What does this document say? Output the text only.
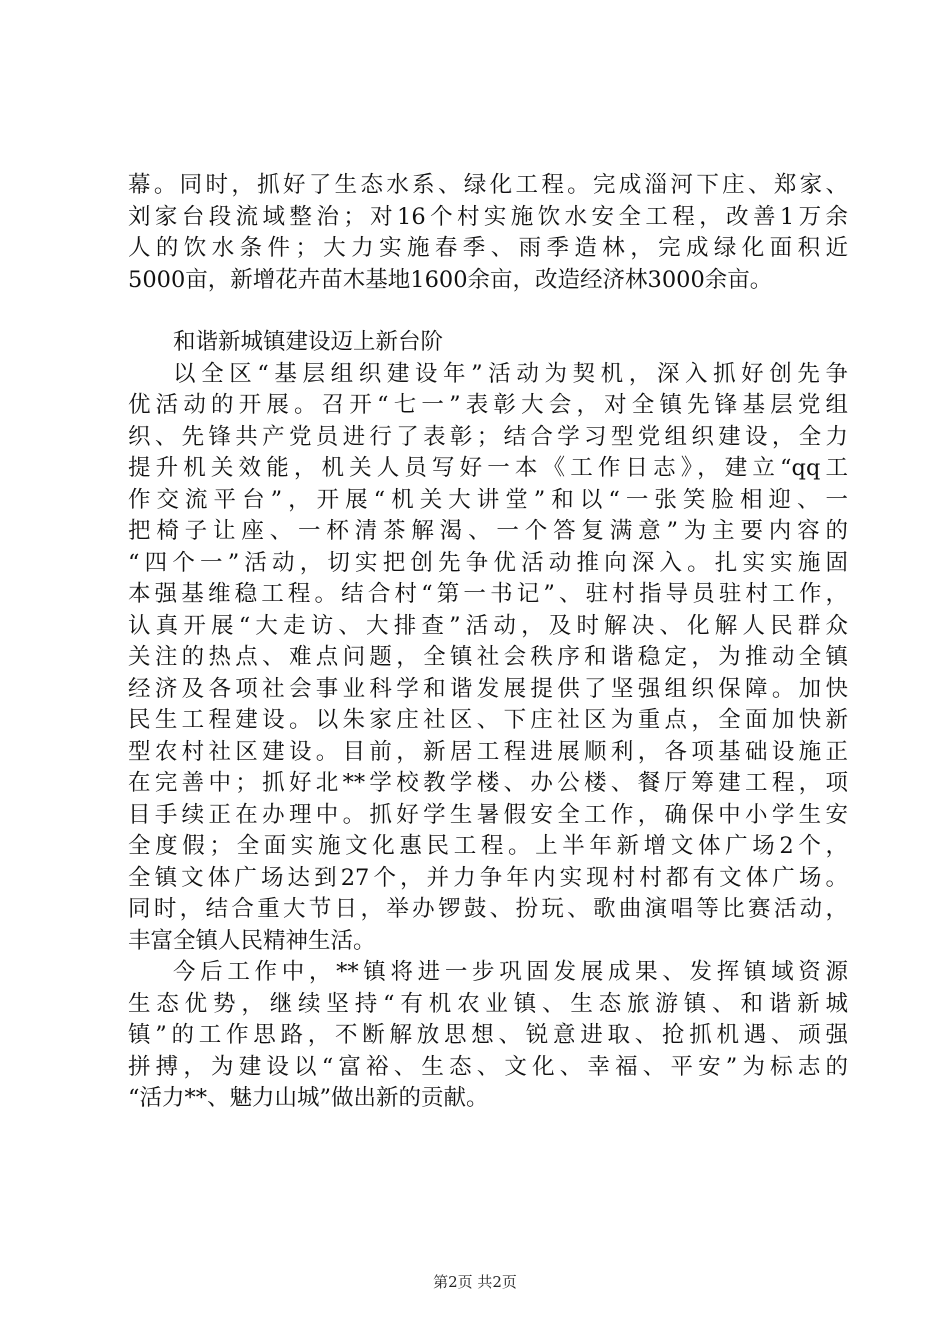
幕。同时，抓好了生态水系、绿化工程。完成淄河下庄、郑家、
刘家台段流域整治；对16个村实施饮水安全工程，改善1万余
人的饮水条件；大力实施春季、雨季造林，完成绿化面积近
5000亩，新增花卉苗木基地1600余亩，改造经济林3000余亩。
和谐新城镇建设迈上新台阶
以全区“基层组织建设年”活动为契机，深入抓好创先争
优活动的开展。召开“七一”表彰大会，对全镇先锋基层党组
织、先锋共产党员进行了表彰；结合学习型党组织建设，全力
提升机关效能，机关人员写好一本《工作日志》，建立“qq工
作交流平台”，开展“机关大讲堂”和以“一张笑脸相迎、一
把椅子让座、一杯清茶解渴、一个答复满意”为主要内容的
“四个一”活动，切实把创先争优活动推向深入。扎实实施固
本强基维稳工程。结合村“第一书记”、驻村指导员驻村工作，
认真开展“大走访、大排查”活动，及时解决、化解人民群众
关注的热点、难点问题，全镇社会秩序和谐稳定，为推动全镇
经济及各项社会事业科学和谐发展提供了坚强组织保障。加快
民生工程建设。以朱家庄社区、下庄社区为重点，全面加快新
型农村社区建设。目前，新居工程进展顺利，各项基础设施正
在完善中；抓好北**学校教学楼、办公楼、餐厅筹建工程，项
目手续正在办理中。抓好学生暑假安全工作，确保中小学生安
全度假；全面实施文化惠民工程。上半年新增文体广场2个，
全镇文体广场达到27个，并力争年内实现村村都有文体广场。
同时，结合重大节日，举办锣鼓、扮玩、歌曲演唱等比赛活动，
丰富全镇人民精神生活。
今后工作中，**镇将进一步巩固发展成果、发挥镇域资源
生态优势，继续坚持“有机农业镇、生态旅游镇、和谐新城
镇”的工作思路，不断解放思想、锐意进取、抢抓机遇、顽强
拼搏，为建设以“富裕、生态、文化、幸福、平安”为标志的
“活力**、魅力山城”做出新的贡献。
第2页 共2页
